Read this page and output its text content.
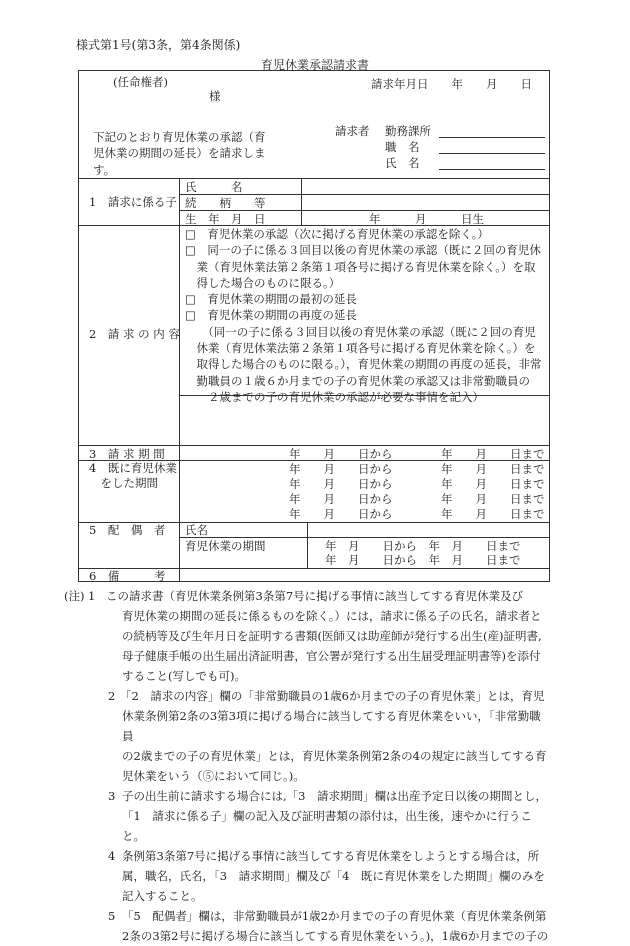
様式第1号(第3条，第4条関係)
育児休業承認請求書
(任命権者)
様
請求年月日　　年　　月　　日
下記のとおり育児休業の承認（育
児休業の期間の延長）を請求しま
す。
請求者 勤務課所
職　名
氏　名
1　請求に係る子
氏　　　名
続　　柄　　等
生　年　月　日	年　　　月　　　日生
2　請 求 の 内 容
□　育児休業の承認（次に掲げる育児休業の承認を除く。）
□　同一の子に係る３回目以後の育児休業の承認（既に２回の育児休
　業（育児休業法第２条第１項各号に掲げる育児休業を除く。）を取
　得した場合のものに限る。）
□　育児休業の期間の最初の延長
□　育児休業の期間の再度の延長
　　（同一の子に係る３回目以後の育児休業の承認（既に２回の育児
　休業（育児休業法第２条第１項各号に掲げる育児休業を除く。）を
　取得した場合のものに限る。），育児休業の期間の再度の延長，非常
　勤職員の１歳６か月までの子の育児休業の承認又は非常勤職員の
　　２歳までの子の育児休業の承認が必要な事情を記入）
3　請 求 期 間	年　　月　　日から	年　　月　　日まで
4　既に育児休業
　をした期間
年　　月　　日から	年　　月　　日まで
年　　月　　日から	年　　月　　日まで
年　　月　　日から	年　　月　　日まで
年　　月　　日から	年　　月　　日まで
5　配　偶　者 氏名
育児休業の期間	年　月　　日から　年　月　　日まで
年　月　　日から　年　月　　日まで
6　備　　　考
(注) 1 この請求書（育児休業条例第3条第7号に掲げる事情に該当してする育児休業及び
育児休業の期間の延長に係るものを除く。）には，請求に係る子の氏名，請求者と
の続柄等及び生年月日を証明する書類(医師又は助産師が発行する出生(産)証明書,
母子健康手帳の出生届出済証明書，官公署が発行する出生届受理証明書等)を添付
すること(写しでも可)。
2 「2　請求の内容」欄の「非常勤職員の1歳6か月までの子の育児休業」とは，育児
休業条例第2条の3第3項に掲げる場合に該当してする育児休業をいい，「非常勤職員
の2歳までの子の育児休業」とは，育児休業条例第2条の4の規定に該当してする育
児休業をいう（⑤において同じ。)。
3 子の出生前に請求する場合には,「3　請求期間」欄は出産予定日以後の期間とし，
「1　請求に係る子」欄の記入及び証明書類の添付は，出生後，速やかに行うこと。
4 条例第3条第7号に掲げる事情に該当してする育児休業をしようとする場合は，所
属，職名，氏名，「3　請求期間」欄及び「4　既に育児休業をした期間」欄のみを
記入すること。
5 「5　配偶者」欄は，非常勤職員が1歳2か月までの子の育児休業（育児休業条例第
2条の3第2号に掲げる場合に該当してする育児休業をいう。)，1歳6か月までの子の
